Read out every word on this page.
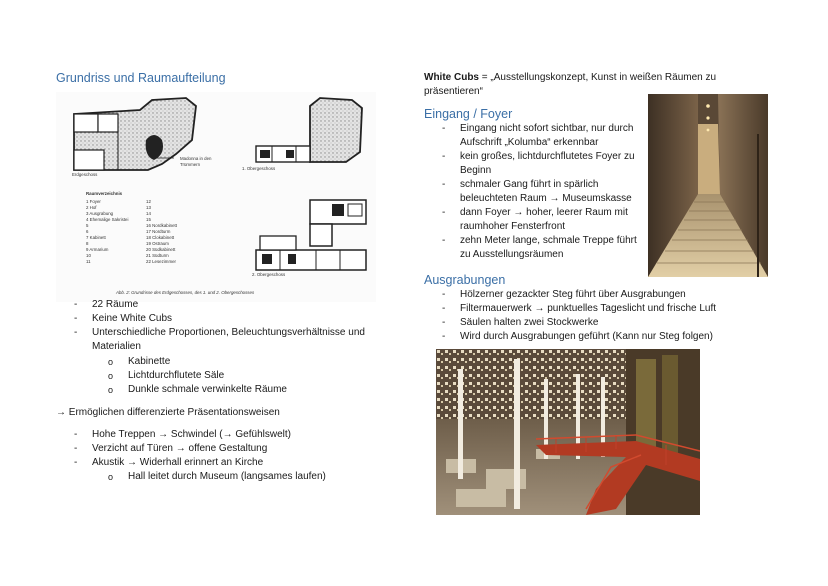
Grundriss und Raumaufteilung
Erdgeschoss
1. Obergeschoss
2. Obergeschoss
Madonna in den Trümmern
Raumverzeichnis
1 Foyer	12
2 Hof	13
3 Ausgrabung	14
4 Ehemalige Sakristei	15
5	16 Nordkabinett
6	17 Nordturm
7 Kabinett	18 Clokabinett
8	19 Ostraum
9 Armarium	20 Südkabinett
10	21 Südturm
11	22 Lesezimmer
Abb. 2: Grundrisse des Erdgeschosses, des 1. und 2. Obergeschosses
- 22 Räume
- Keine White Cubs
- Unterschiedliche Proportionen, Beleuchtungsverhältnisse und Materialien
o Kabinette
o Lichtdurchflutete Säle
o Dunkle schmale verwinkelte Räume
→ Ermöglichen differenzierte Präsentationsweisen
- Hohe Treppen → Schwindel (→ Gefühlswelt)
- Verzicht auf Türen → offene Gestaltung
- Akustik → Widerhall erinnert an Kirche
o Hall leitet durch Museum (langsames laufen)
White Cubs = „Ausstellungskonzept, Kunst in weißen Räumen zu präsentieren“
Eingang / Foyer
- Eingang nicht sofort sichtbar, nur durch Aufschrift „Kolumba“ erkennbar
- kein großes, lichtdurchflutetes Foyer zu Beginn
- schmaler Gang führt in spärlich beleuchteten Raum → Museumskasse
- dann Foyer → hoher, leerer Raum mit raumhoher Fensterfront
- zehn Meter lange, schmale Treppe führt zu Ausstellungsräumen
Ausgrabungen
- Hölzerner gezackter Steg führt über Ausgrabungen
- Filtermauerwerk → punktuelles Tageslicht und frische Luft
- Säulen halten zwei Stockwerke
- Wird durch Ausgrabungen geführt (Kann nur Steg folgen)
